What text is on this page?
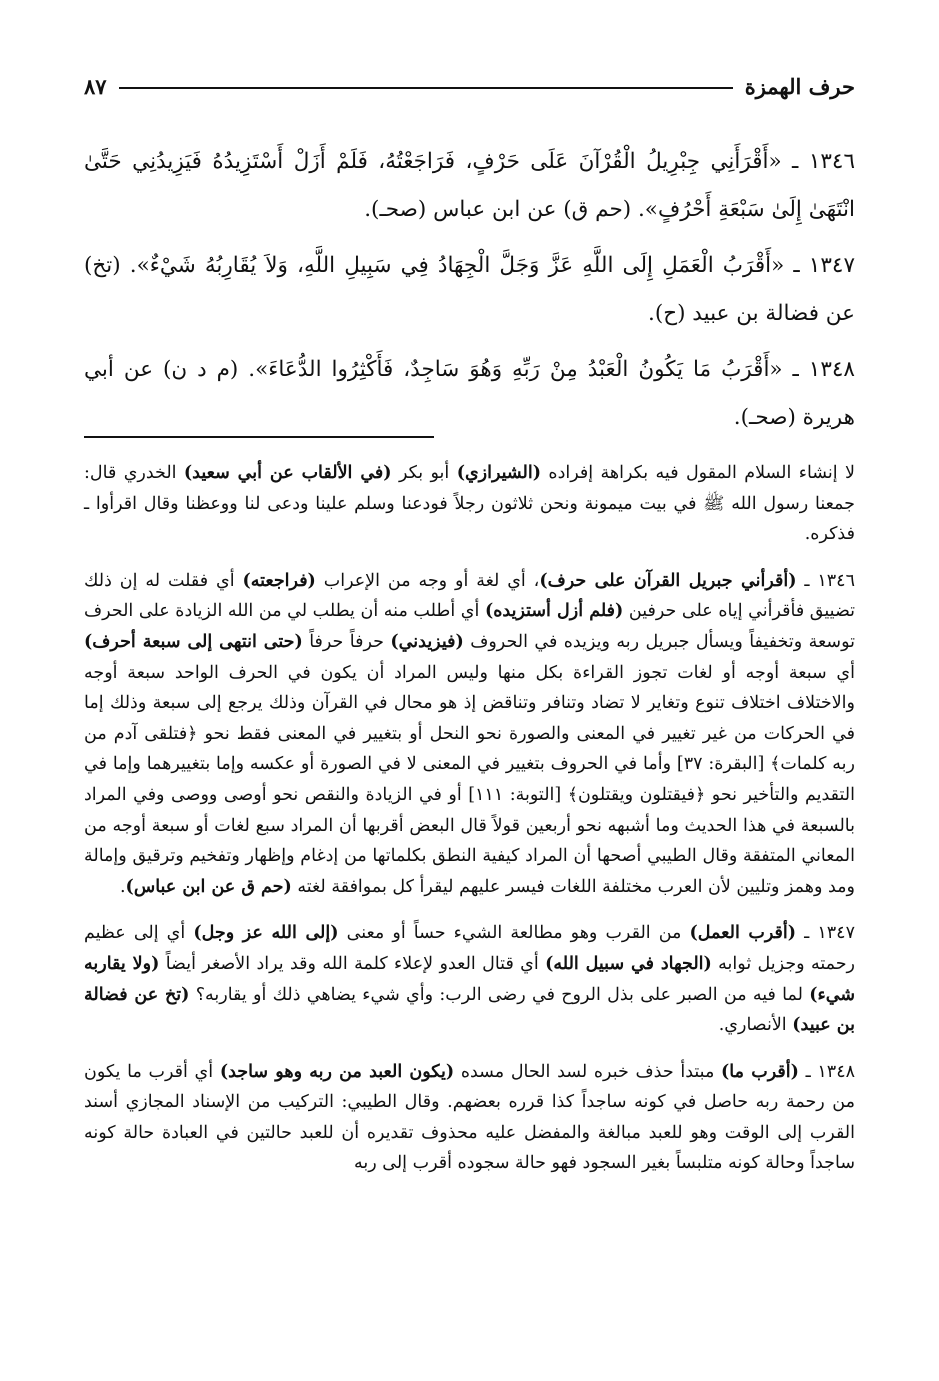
حرف الهمزة
٨٧

١٣٤٦ ـ «أَقْرَأَنِي جِبْرِيلُ الْقُرْآنَ عَلَى حَرْفٍ، فَرَاجَعْتُهُ، فَلَمْ أَزَلْ أَسْتَزِيدُهُ فَيَزِيدُنِي حَتَّىٰ انْتَهَىٰ إِلَىٰ سَبْعَةِ أَحْرُفٍ». (حم ق) عن ابن عباس (صحـ).

١٣٤٧ ـ «أَقْرَبُ الْعَمَلِ إِلَى اللَّهِ عَزَّ وَجَلَّ الْجِهَادُ فِي سَبِيلِ اللَّهِ، وَلاَ يُقَارِبُهُ شَيْءٌ». (تخ) عن فضالة بن عبيد (ح).

١٣٤٨ ـ «أَقْرَبُ مَا يَكُونُ الْعَبْدُ مِنْ رَبِّهِ وَهُوَ سَاجِدٌ، فَأَكْثِرُوا الدُّعَاءَ». (م د ن) عن أبي هريرة (صحـ).

لا إنشاء السلام المقول فيه بكراهة إفراده (الشيرازي) أبو بكر (في الألقاب عن أبي سعيد) الخدري قال: جمعنا رسول الله ﷺ في بيت ميمونة ونحن ثلاثون رجلاً فودعنا وسلم علينا ودعى لنا ووعظنا وقال اقرأوا ـ فذكره.

١٣٤٦ ـ (أقرأني جبريل القرآن على حرف)، أي لغة أو وجه من الإعراب (فراجعته) أي فقلت له إن ذلك تضييق فأقرأني إياه على حرفين (فلم أزل أستزيده) أي أطلب منه أن يطلب لي من الله الزيادة على الحرف توسعة وتخفيفاً ويسأل جبريل ربه ويزيده في الحروف (فيزيدني) حرفاً حرفاً (حتى انتهى إلى سبعة أحرف) أي سبعة أوجه أو لغات تجوز القراءة بكل منها وليس المراد أن يكون في الحرف الواحد سبعة أوجه والاختلاف اختلاف تنوع وتغاير لا تضاد وتنافر وتناقض إذ هو محال في القرآن وذلك يرجع إلى سبعة وذلك إما في الحركات من غير تغيير في المعنى والصورة نحو النحل أو بتغيير في المعنى فقط نحو ﴿فتلقى آدم من ربه كلمات﴾ [البقرة: ٣٧] وأما في الحروف بتغيير في المعنى لا في الصورة أو عكسه وإما بتغييرهما وإما في التقديم والتأخير نحو ﴿فيقتلون ويقتلون﴾ [التوبة: ١١١] أو في الزيادة والنقص نحو أوصى ووصى وفي المراد بالسبعة في هذا الحديث وما أشبهه نحو أربعين قولاً قال البعض أقربها أن المراد سبع لغات أو سبعة أوجه من المعاني المتفقة وقال الطيبي أصحها أن المراد كيفية النطق بكلماتها من إدغام وإظهار وتفخيم وترقيق وإمالة ومد وهمز وتليين لأن العرب مختلفة اللغات فيسر عليهم ليقرأ كل بموافقة لغته (حم ق عن ابن عباس).

١٣٤٧ ـ (أقرب العمل) من القرب وهو مطالعة الشيء حساً أو معنى (إلى الله عز وجل) أي إلى عظيم رحمته وجزيل ثوابه (الجهاد في سبيل الله) أي قتال العدو لإعلاء كلمة الله وقد يراد الأصغر أيضاً (ولا يقاربه شيء) لما فيه من الصبر على بذل الروح في رضى الرب: وأي شيء يضاهي ذلك أو يقاربه؟ (تخ عن فضالة بن عبيد) الأنصاري.

١٣٤٨ ـ (أقرب ما) مبتدأ حذف خبره لسد الحال مسده (يكون العبد من ربه وهو ساجد) أي أقرب ما يكون من رحمة ربه حاصل في كونه ساجداً كذا قرره بعضهم. وقال الطيبي: التركيب من الإسناد المجازي أسند القرب إلى الوقت وهو للعبد مبالغة والمفضل عليه محذوف تقديره أن للعبد حالتين في العبادة حالة كونه ساجداً وحالة كونه متلبساً بغير السجود فهو حالة سجوده أقرب إلى ربه
